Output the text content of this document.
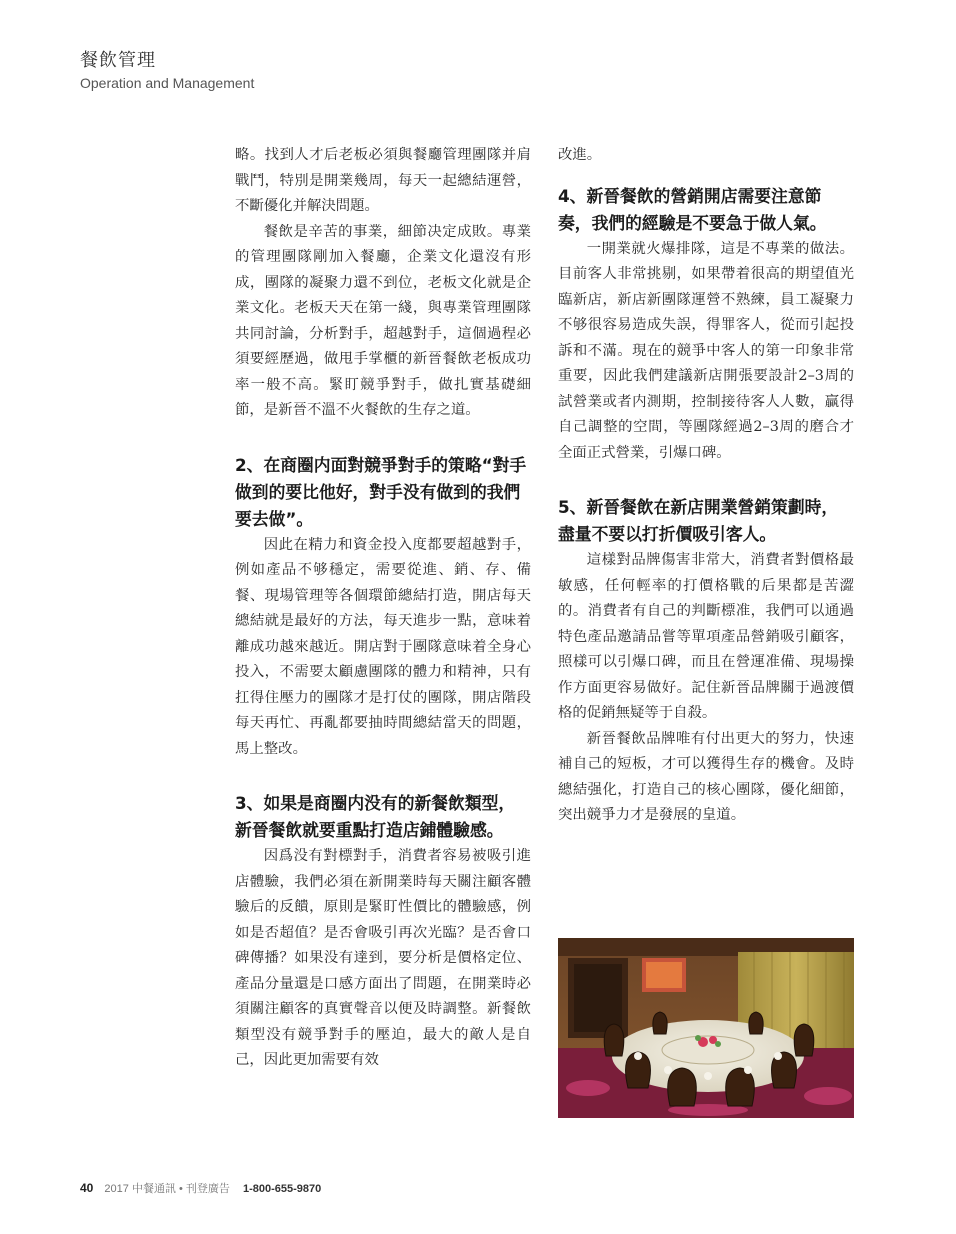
餐飲管理
Operation and Management

略。找到人才后老板必須與餐廳管理團隊并肩戰鬥，特別是開業幾周，每天一起總結運營，不斷優化并解決問題。

餐飲是辛苦的事業，細節决定成敗。專業的管理團隊剛加入餐廳，企業文化還沒有形成，團隊的凝聚力還不到位，老板文化就是企業文化。老板天天在第一綫，與專業管理團隊共同討論，分析對手，超越對手，這個過程必須要經歷過，做甩手掌櫃的新晉餐飲老板成功率一般不高。緊盯競爭對手，做扎實基礎細節，是新晉不溫不火餐飲的生存之道。

2、在商圈内面對競爭對手的策略“對手做到的要比他好，對手没有做到的我們要去做”。

因此在精力和資金投入度都要超越對手，例如產品不够穩定，需要從進、銷、存、備餐、現場管理等各個環節總結打造，開店每天總結就是最好的方法，每天進步一點，意味着離成功越來越近。開店對于團隊意味着全身心投入，不需要太顧慮團隊的體力和精神，只有扛得住壓力的團隊才是打仗的團隊，開店階段每天再忙、再亂都要抽時間總結當天的問題，馬上整改。

3、如果是商圈内没有的新餐飲類型，新晉餐飲就要重點打造店鋪體驗感。

因爲没有對標對手，消費者容易被吸引進店體驗，我們必須在新開業時每天關注顧客體驗后的反饋，原則是緊盯性價比的體驗感，例如是否超值？是否會吸引再次光臨？是否會口碑傳播？如果没有達到，要分析是價格定位、產品分量還是口感方面出了問題，在開業時必須關注顧客的真實聲音以便及時調整。新餐飲類型没有競爭對手的壓迫，最大的敵人是自己，因此更加需要有效

改進。

4、新晉餐飲的營銷開店需要注意節奏，我們的經驗是不要急于做人氣。

一開業就火爆排隊，這是不專業的做法。目前客人非常挑剔，如果帶着很高的期望值光臨新店，新店新團隊運營不熟練，員工凝聚力不够很容易造成失誤，得罪客人，從而引起投訴和不滿。現在的競爭中客人的第一印象非常重要，因此我們建議新店開張要設計2–3周的試營業或者内測期，控制接待客人人數，贏得自己調整的空間，等團隊經過2–3周的磨合才全面正式營業，引爆口碑。

5、新晉餐飲在新店開業營銷策劃時，盡量不要以打折價吸引客人。

這樣對品牌傷害非常大，消費者對價格最敏感，任何輕率的打價格戰的后果都是苦澀的。消費者有自己的判斷標准，我們可以通過特色產品邀請品嘗等單項產品營銷吸引顧客，照樣可以引爆口碑，而且在營運准備、現場操作方面更容易做好。記住新晉品牌關于過渡價格的促銷無疑等于自殺。

新晉餐飲品牌唯有付出更大的努力，快速補自己的短板，才可以獲得生存的機會。及時總結强化，打造自己的核心團隊，優化細節，突出競爭力才是發展的皇道。

40 2017 中餐通訊 • 刊登廣告 1-800-655-9870
